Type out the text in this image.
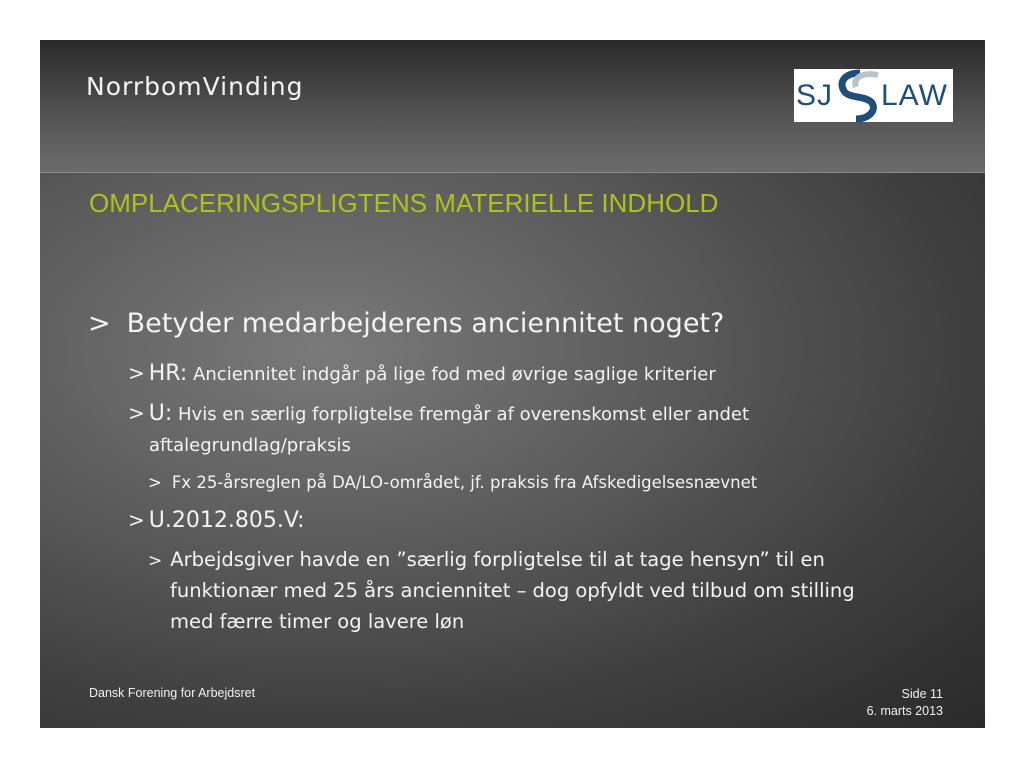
NorrbomVinding	SJ LAW
OMPLACERINGSPLIGTENS MATERIELLE INDHOLD
> Betyder medarbejderens anciennitet noget?
> HR: Anciennitet indgår på lige fod med øvrige saglige kriterier
> U: Hvis en særlig forpligtelse fremgår af overenskomst eller andet
aftalegrundlag/praksis
> Fx 25-årsreglen på DA/LO-området, jf. praksis fra Afskedigelsesnævnet
> U.2012.805.V:
> Arbejdsgiver havde en ”særlig forpligtelse til at tage hensyn” til en
funktionær med 25 års anciennitet – dog opfyldt ved tilbud om stilling
med færre timer og lavere løn
Dansk Forening for Arbejdsret	Side 11
6. marts 2013
